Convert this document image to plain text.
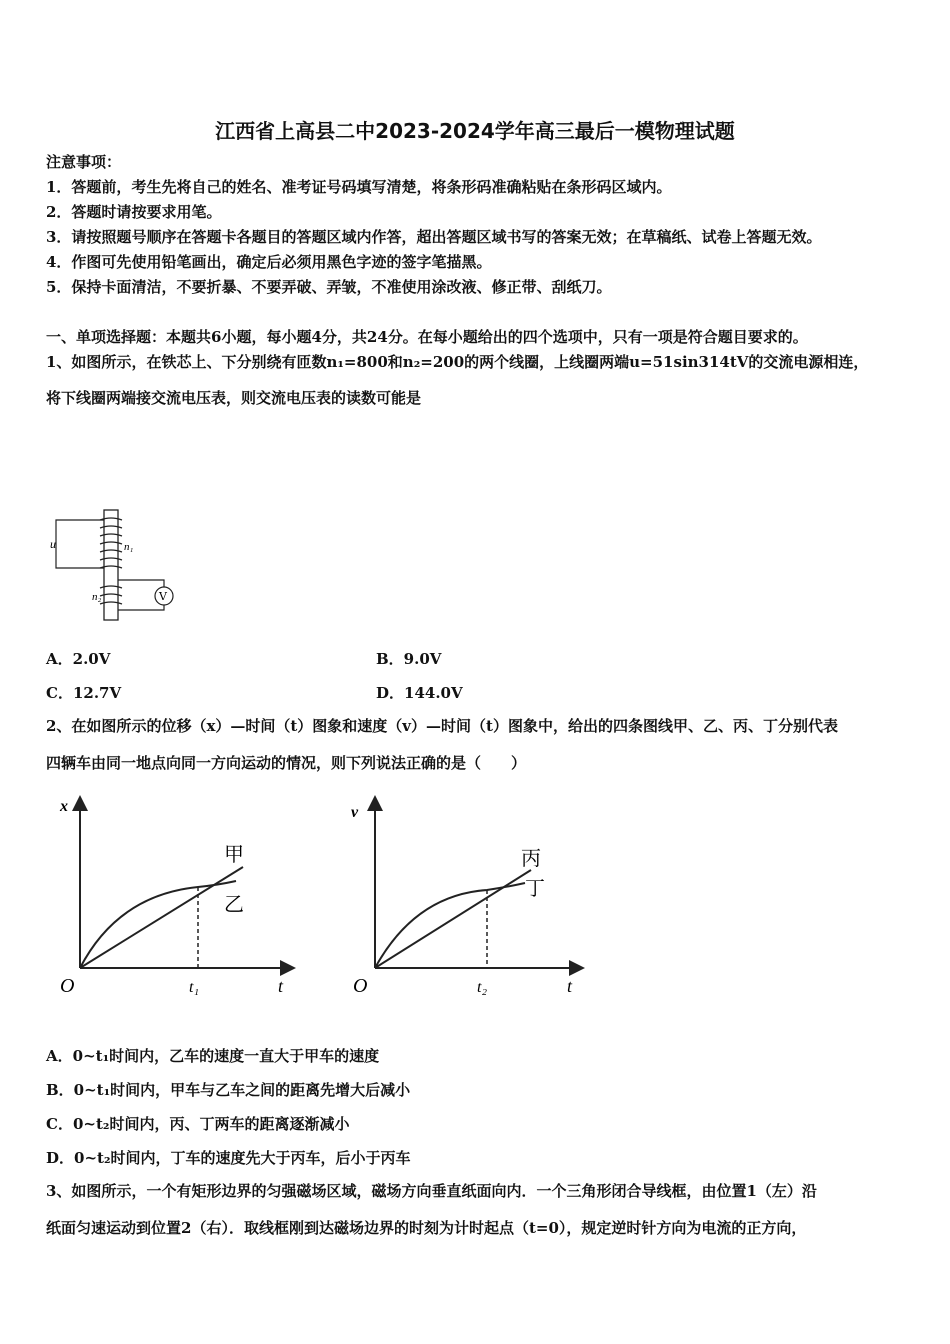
江西省上高县二中2023-2024学年高三最后一模物理试题
注意事项：
1．答题前，考生先将自己的姓名、准考证号码填写清楚，将条形码准确粘贴在条形码区域内。
2．答题时请按要求用笔。
3．请按照题号顺序在答题卡各题目的答题区域内作答，超出答题区域书写的答案无效；在草稿纸、试卷上答题无效。
4．作图可先使用铅笔画出，确定后必须用黑色字迹的签字笔描黑。
5．保持卡面清洁，不要折暴、不要弄破、弄皱，不准使用涂改液、修正带、刮纸刀。
一、单项选择题：本题共6小题，每小题4分，共24分。在每小题给出的四个选项中，只有一项是符合题目要求的。
1、如图所示，在铁芯上、下分别绕有匝数n₁=800和n₂=200的两个线圈，上线圈两端u=51sin314tV的交流电源相连，
将下线圈两端接交流电压表，则交流电压表的读数可能是
u	n₁
n₂	V
A．2.0V	B．9.0V
C．12.7V	D．144.0V
2、在如图所示的位移（x）—时间（t）图象和速度（v）—时间（t）图象中，给出的四条图线甲、乙、丙、丁分别代表
四辆车由同一地点向同一方向运动的情况，则下列说法正确的是（　　）
x
O	t₁	t
甲
乙
v
O	t₂	t
丙
丁
A．0~t₁时间内，乙车的速度一直大于甲车的速度
B．0~t₁时间内，甲车与乙车之间的距离先增大后减小
C．0~t₂时间内，丙、丁两车的距离逐渐减小
D．0~t₂时间内，丁车的速度先大于丙车，后小于丙车
3、如图所示，一个有矩形边界的匀强磁场区域，磁场方向垂直纸面向内．一个三角形闭合导线框，由位置1（左）沿
纸面匀速运动到位置2（右）．取线框刚到达磁场边界的时刻为计时起点（t=0），规定逆时针方向为电流的正方向，
